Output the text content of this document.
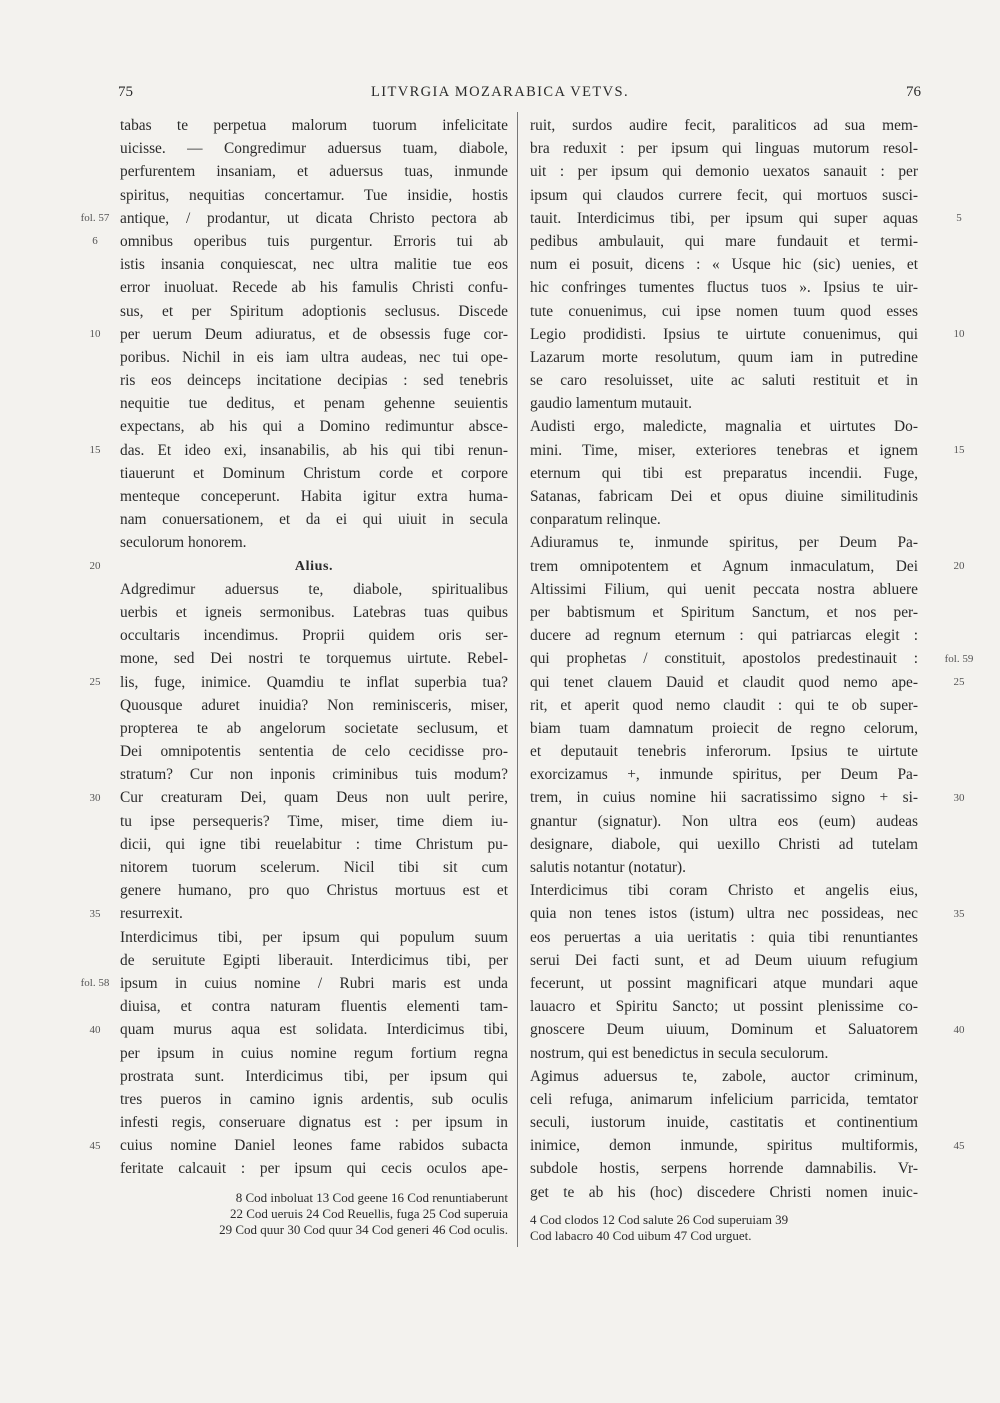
75	LITVRGIA MOZARABICA VETVS.	76
tabas te perpetua malorum tuorum infelicitate
uicisse. — Congredimur aduersus tuam, diabole,
perfurentem insaniam, et aduersus tuas, inmunde
spiritus, nequitias concertamur. Tue insidie, hostis
antique, / prodantur, ut dicata Christo pectora ab
omnibus operibus tuis purgentur. Erroris tui ab
istis insania conquiescat, nec ultra malitie tue eos
error inuoluat. Recede ab his famulis Christi confu-
sus, et per Spiritum adoptionis seclusus. Discede
per uerum Deum adiuratus, et de obsessis fuge cor-
poribus. Nichil in eis iam ultra audeas, nec tui ope-
ris eos deinceps incitatione decipias : sed tenebris
nequitie tue deditus, et penam gehenne seuientis
expectans, ab his qui a Domino redimuntur absce-
das. Et ideo exi, insanabilis, ab his qui tibi renun-
tiauerunt et Dominum Christum corde et corpore
menteque conceperunt. Habita igitur extra huma-
nam conuersationem, et da ei qui uiuit in secula
seculorum honorem.
Alius.
Adgredimur aduersus te, diabole, spiritualibus
uerbis et igneis sermonibus. Latebras tuas quibus
occultaris incendimus. Proprii quidem oris ser-
mone, sed Dei nostri te torquemus uirtute. Rebel-
lis, fuge, inimice. Quamdiu te inflat superbia tua?
Quousque aduret inuidia? Non reminisceris, miser,
propterea te ab angelorum societate seclusum, et
Dei omnipotentis sententia de celo cecidisse pro-
stratum? Cur non inponis criminibus tuis modum?
Cur creaturam Dei, quam Deus non uult perire,
tu ipse persequeris? Time, miser, time diem iu-
dicii, qui igne tibi reuelabitur : time Christum pu-
nitorem tuorum scelerum. Nicil tibi sit cum
genere humano, pro quo Christus mortuus est et
resurrexit.
Interdicimus tibi, per ipsum qui populum suum
de seruitute Egipti liberauit. Interdicimus tibi, per
ipsum in cuius nomine / Rubri maris est unda
diuisa, et contra naturam fluentis elementi tam-
quam murus aqua est solidata. Interdicimus tibi,
per ipsum in cuius nomine regum fortium regna
prostrata sunt. Interdicimus tibi, per ipsum qui
tres pueros in camino ignis ardentis, sub oculis
infesti regis, conseruare dignatus est : per ipsum in
cuius nomine Daniel leones fame rabidos subacta
feritate calcauit : per ipsum qui cecis oculos ape-
ruit, surdos audire fecit, paraliticos ad sua mem-
bra reduxit : per ipsum qui linguas mutorum resol-
uit : per ipsum qui demonio uexatos sanauit : per
ipsum qui claudos currere fecit, qui mortuos susci-
tauit. Interdicimus tibi, per ipsum qui super aquas
pedibus ambulauit, qui mare fundauit et termi-
num ei posuit, dicens : « Usque hic (sic) uenies, et
hic confringes tumentes fluctus tuos ». Ipsius te uir-
tute conuenimus, cui ipse nomen tuum quod esses
Legio prodidisti. Ipsius te uirtute conuenimus, qui
Lazarum morte resolutum, quum iam in putredine
se caro resoluisset, uite ac saluti restituit et in
gaudio lamentum mutauit.
Audisti ergo, maledicte, magnalia et uirtutes Do-
mini. Time, miser, exteriores tenebras et ignem
eternum qui tibi est preparatus incendii. Fuge,
Satanas, fabricam Dei et opus diuine similitudinis
conparatum relinque.
Adiuramus te, inmunde spiritus, per Deum Pa-
trem omnipotentem et Agnum inmaculatum, Dei
Altissimi Filium, qui uenit peccata nostra abluere
per babtismum et Spiritum Sanctum, et nos per-
ducere ad regnum eternum : qui patriarcas elegit :
qui prophetas / constituit, apostolos predestinauit :
qui tenet clauem Dauid et claudit quod nemo ape-
rit, et aperit quod nemo claudit : qui te ob super-
biam tuam damnatum proiecit de regno celorum,
et deputauit tenebris inferorum. Ipsius te uirtute
exorcizamus +, inmunde spiritus, per Deum Pa-
trem, in cuius nomine hii sacratissimo signo + si-
gnantur (signatur). Non ultra eos (eum) audeas
designare, diabole, qui uexillo Christi ad tutelam
salutis notantur (notatur).
Interdicimus tibi coram Christo et angelis eius,
quia non tenes istos (istum) ultra nec possideas, nec
eos peruertas a uia ueritatis : quia tibi renuntiantes
serui Dei facti sunt, et ad Deum uiuum refugium
fecerunt, ut possint magnificari atque mundari aque
lauacro et Spiritu Sancto; ut possint plenissime co-
gnoscere Deum uiuum, Dominum et Saluatorem
nostrum, qui est benedictus in secula seculorum.
Agimus aduersus te, zabole, auctor criminum,
celi refuga, animarum infelicium parricida, temtator
seculi, iustorum inuide, castitatis et continentium
inimice, demon inmunde, spiritus multiformis,
subdole hostis, serpens horrende damnabilis. Vr-
get te ab his (hoc) discedere Christi nomen inuic-
fol. 57
6
10
15
20
25
30
35
fol. 58
40
45
5
10
15
20
fol. 59
25
30
35
40
45
8 Cod inboluat 13 Cod geene 16 Cod renuntiaberunt
22 Cod ueruis 24 Cod Reuellis, fuga 25 Cod superuia
29 Cod quur 30 Cod quur 34 Cod generi 46 Cod oculis.
4 Cod clodos 12 Cod salute 26 Cod superuiam 39
Cod labacro 40 Cod uibum 47 Cod urguet.
